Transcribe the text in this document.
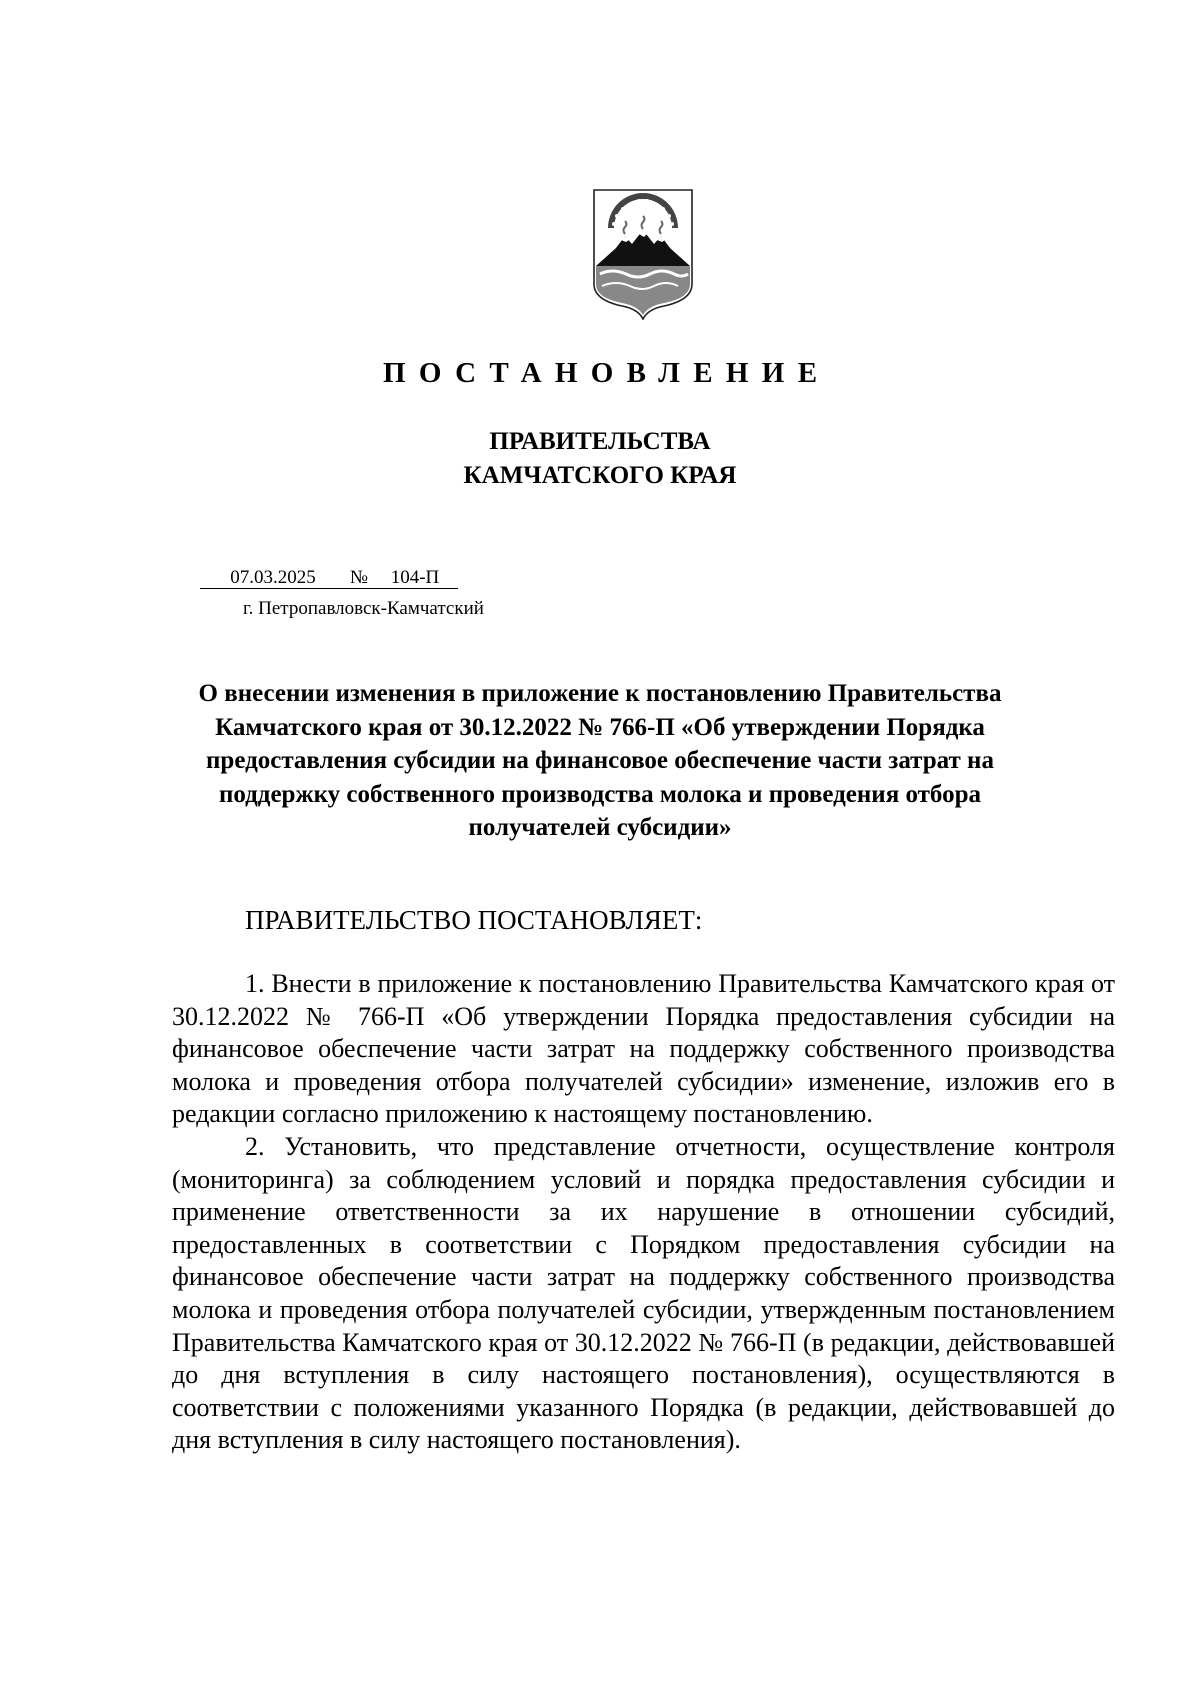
ПОСТАНОВЛЕНИЕ
ПРАВИТЕЛЬСТВА
КАМЧАТСКОГО КРАЯ
07.03.2025 № 104-П
г. Петропавловск-Камчатский
О внесении изменения в приложение к постановлению Правительства Камчатского края от 30.12.2022 № 766-П «Об утверждении Порядка предоставления субсидии на финансовое обеспечение части затрат на поддержку собственного производства молока и проведения отбора получателей субсидии»
ПРАВИТЕЛЬСТВО ПОСТАНОВЛЯЕТ:

1. Внести в приложение к постановлению Правительства Камчатского края от 30.12.2022 № 766-П «Об утверждении Порядка предоставления субсидии на финансовое обеспечение части затрат на поддержку собственного производства молока и проведения отбора получателей субсидии» изменение, изложив его в редакции согласно приложению к настоящему постановлению.

2. Установить, что представление отчетности, осуществление контроля (мониторинга) за соблюдением условий и порядка предоставления субсидии и применение ответственности за их нарушение в отношении субсидий, предоставленных в соответствии с Порядком предоставления субсидии на финансовое обеспечение части затрат на поддержку собственного производства молока и проведения отбора получателей субсидии, утвержденным постановлением Правительства Камчатского края от 30.12.2022 № 766-П (в редакции, действовавшей до дня вступления в силу настоящего постановления), осуществляются в соответствии с положениями указанного Порядка (в редакции, действовавшей до дня вступления в силу настоящего постановления).
